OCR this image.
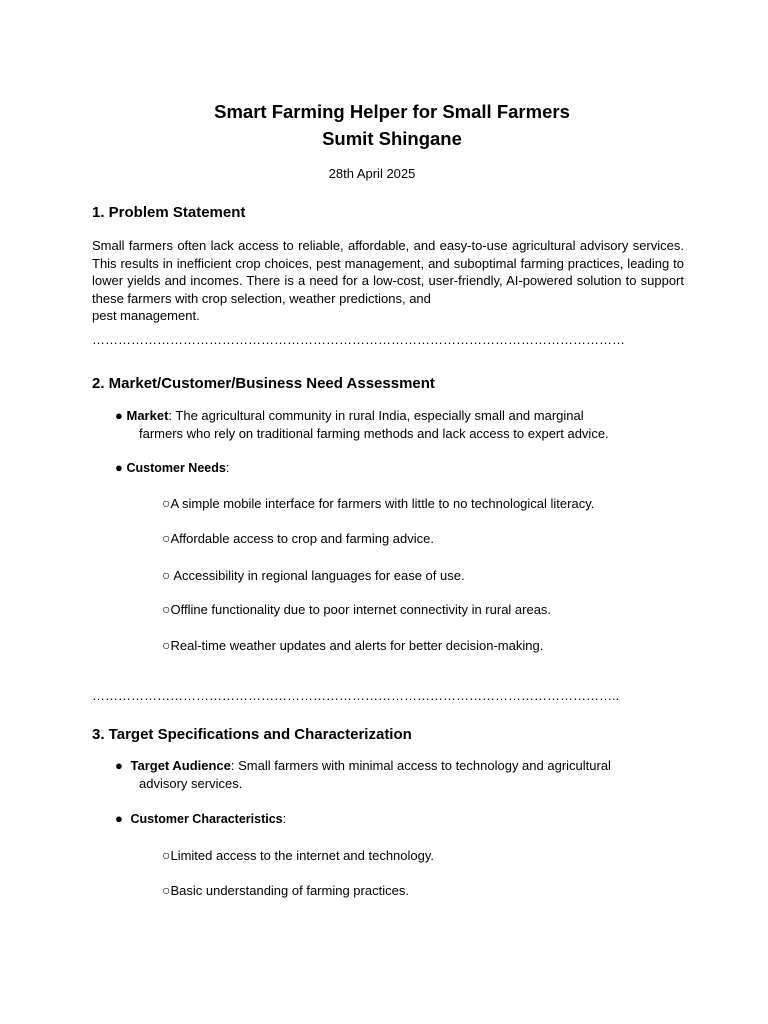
Smart Farming Helper for Small Farmers
Sumit Shingane
28th April 2025
1. Problem Statement
Small farmers often lack access to reliable, affordable, and easy-to-use agricultural advisory services. This results in inefficient crop choices, pest management, and suboptimal farming practices, leading to lower yields and incomes. There is a need for a low-cost, user-friendly, AI-powered solution to support these farmers with crop selection, weather predictions, and
pest management.
……………………………………………………………………………………………………………
2. Market/Customer/Business Need Assessment
● Market: The agricultural community in rural India, especially small and marginal
farmers who rely on traditional farming methods and lack access to expert advice.
● Customer Needs:
○A simple mobile interface for farmers with little to no technological literacy.
○Affordable access to crop and farming advice.
○ Accessibility in regional languages for ease of use.
○Offline functionality due to poor internet connectivity in rural areas.
○Real-time weather updates and alerts for better decision-making.
…………………………………………………………………………………………………………..
3. Target Specifications and Characterization
● Target Audience: Small farmers with minimal access to technology and agricultural
advisory services.
● Customer Characteristics:
○Limited access to the internet and technology.
○Basic understanding of farming practices.
